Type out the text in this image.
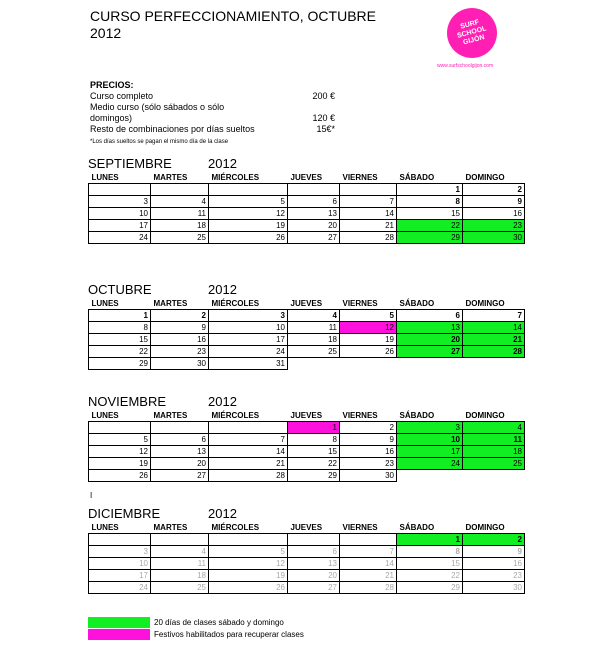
CURSO PERFECCIONAMIENTO, OCTUBRE
2012
SURF SCHOOL GIJÓN
www.surfschoolgijon.com
PRECIOS:
Curso completo	200 €
Medio curso (sólo sábados o sólo
domingos)	120 €
Resto de combinaciones por días sueltos	15€*
*Los días sueltos se pagan el mismo día de la clase
SEPTIEMBRE	2012
LUNES	MARTES	MIÉRCOLES	JUEVES	VIERNES	SÁBADO	DOMINGO
					1	2
3	4	5	6	7	8	9
10	11	12	13	14	15	16
17	18	19	20	21	22	23
24	25	26	27	28	29	30
OCTUBRE	2012
LUNES	MARTES	MIÉRCOLES	JUEVES	VIERNES	SÁBADO	DOMINGO
1	2	3	4	5	6	7
8	9	10	11	12	13	14
15	16	17	18	19	20	21
22	23	24	25	26	27	28
29	30	31				
NOVIEMBRE	2012
LUNES	MARTES	MIÉRCOLES	JUEVES	VIERNES	SÁBADO	DOMINGO
			1	2	3	4
5	6	7	8	9	10	11
12	13	14	15	16	17	18
19	20	21	22	23	24	25
26	27	28	29	30		
I
DICIEMBRE	2012
LUNES	MARTES	MIÉRCOLES	JUEVES	VIERNES	SÁBADO	DOMINGO
					1	2
3	4	5	6	7	8	9
10	11	12	13	14	15	16
17	18	19	20	21	22	23
24	25	26	27	28	29	30
20 días de clases sábado y domingo
Festivos habilitados para recuperar clases
